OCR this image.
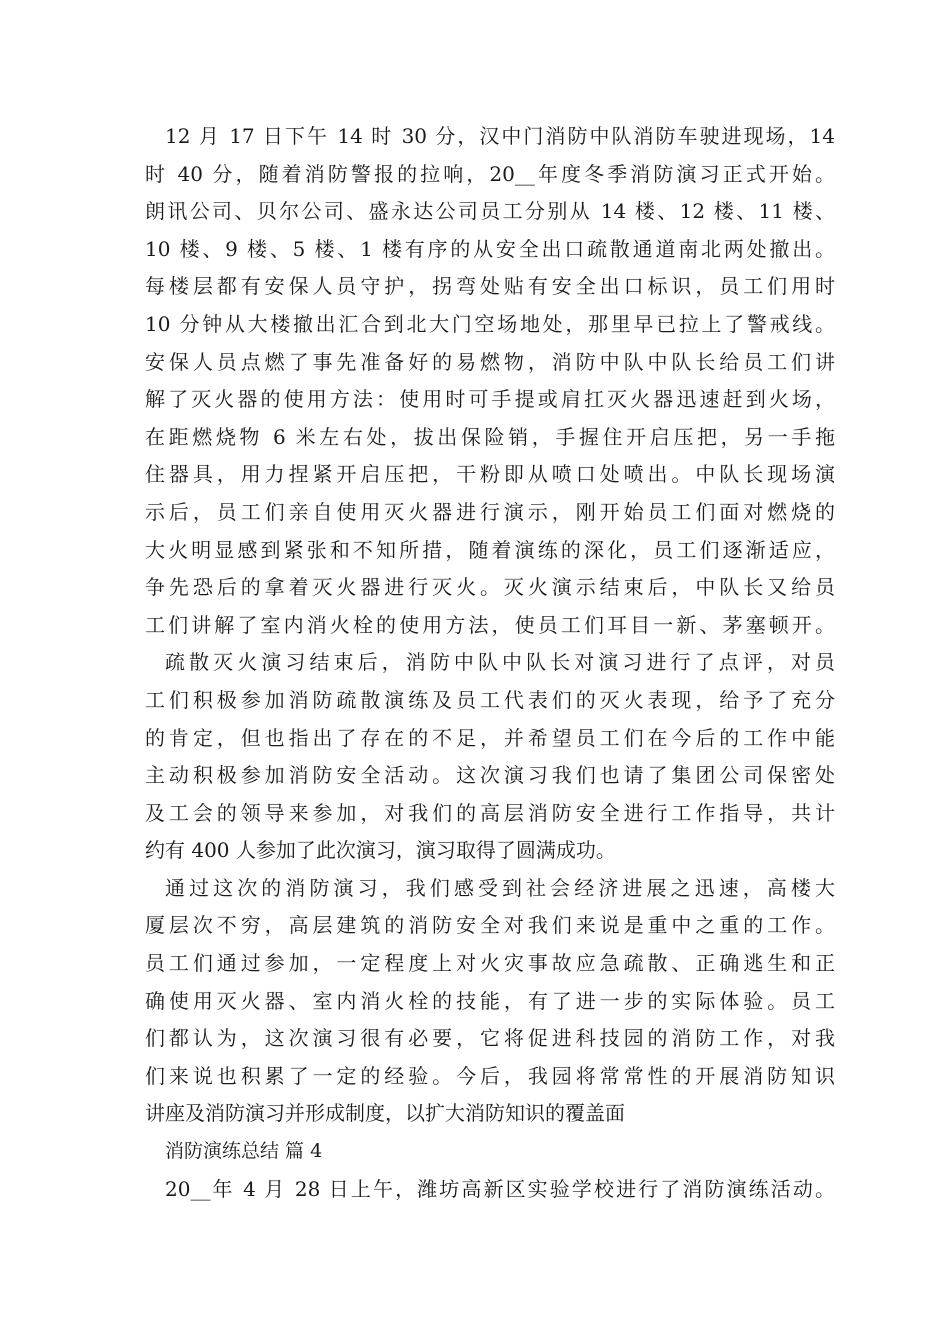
12 月 17 日下午 14 时 30 分，汉中门消防中队消防车驶进现场，14
时 40 分，随着消防警报的拉响，20__年度冬季消防演习正式开始。
朗讯公司、贝尔公司、盛永达公司员工分别从 14 楼、12 楼、11 楼、
10 楼、9 楼、5 楼、1 楼有序的从安全出口疏散通道南北两处撤出。
每楼层都有安保人员守护，拐弯处贴有安全出口标识，员工们用时
10 分钟从大楼撤出汇合到北大门空场地处，那里早已拉上了警戒线。
安保人员点燃了事先准备好的易燃物，消防中队中队长给员工们讲
解了灭火器的使用方法：使用时可手提或肩扛灭火器迅速赶到火场，
在距燃烧物 6 米左右处，拔出保险销，手握住开启压把，另一手拖
住器具，用力捏紧开启压把，干粉即从喷口处喷出。中队长现场演
示后，员工们亲自使用灭火器进行演示，刚开始员工们面对燃烧的
大火明显感到紧张和不知所措，随着演练的深化，员工们逐渐适应，
争先恐后的拿着灭火器进行灭火。灭火演示结束后，中队长又给员
工们讲解了室内消火栓的使用方法，使员工们耳目一新、茅塞顿开。
疏散灭火演习结束后，消防中队中队长对演习进行了点评，对员
工们积极参加消防疏散演练及员工代表们的灭火表现，给予了充分
的肯定，但也指出了存在的不足，并希望员工们在今后的工作中能
主动积极参加消防安全活动。这次演习我们也请了集团公司保密处
及工会的领导来参加，对我们的高层消防安全进行工作指导，共计
约有 400 人参加了此次演习，演习取得了圆满成功。
通过这次的消防演习，我们感受到社会经济进展之迅速，高楼大
厦层次不穷，高层建筑的消防安全对我们来说是重中之重的工作。
员工们通过参加，一定程度上对火灾事故应急疏散、正确逃生和正
确使用灭火器、室内消火栓的技能，有了进一步的实际体验。员工
们都认为，这次演习很有必要，它将促进科技园的消防工作，对我
们来说也积累了一定的经验。今后，我园将常常性的开展消防知识
讲座及消防演习并形成制度，以扩大消防知识的覆盖面
消防演练总结 篇 4
20__年 4 月 28 日上午，潍坊高新区实验学校进行了消防演练活动。
